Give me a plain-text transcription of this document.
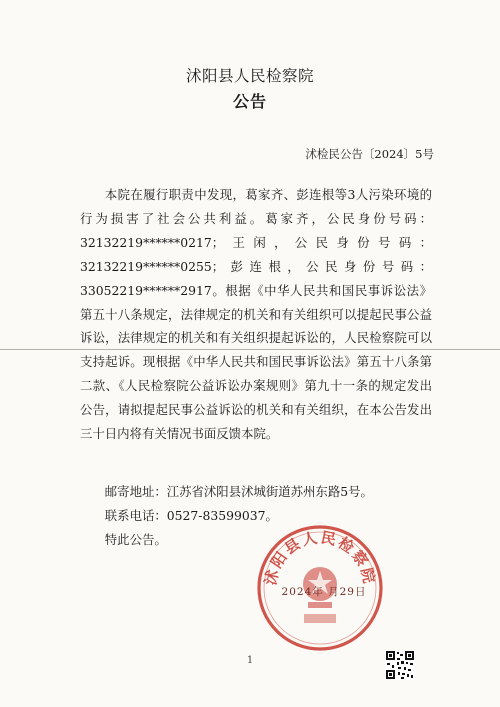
沭阳县人民检察院
公告
沭检民公告〔2024〕5号

本院在履行职责中发现，葛家齐、彭连根等3人污染环境的行为损害了社会公共利益。葛家齐，公民身份号码：32132219******0217；王闲，公民身份号码：32132219******0255；彭连根，公民身份号码：33052219******2917。根据《中华人民共和国民事诉讼法》第五十八条规定，法律规定的机关和有关组织可以提起民事公益诉讼，法律规定的机关和有关组织提起诉讼的，人民检察院可以支持起诉。现根据《中华人民共和国民事诉讼法》第五十八条第二款、《人民检察院公益诉讼办案规则》第九十一条的规定发出公告，请拟提起民事公益诉讼的机关和有关组织，在本公告发出三十日内将有关情况书面反馈本院。

邮寄地址：江苏省沭阳县沭城街道苏州东路5号。
联系电话：0527-83599037。
特此公告。
沭阳县人民检察院
2024年 月29日
1
